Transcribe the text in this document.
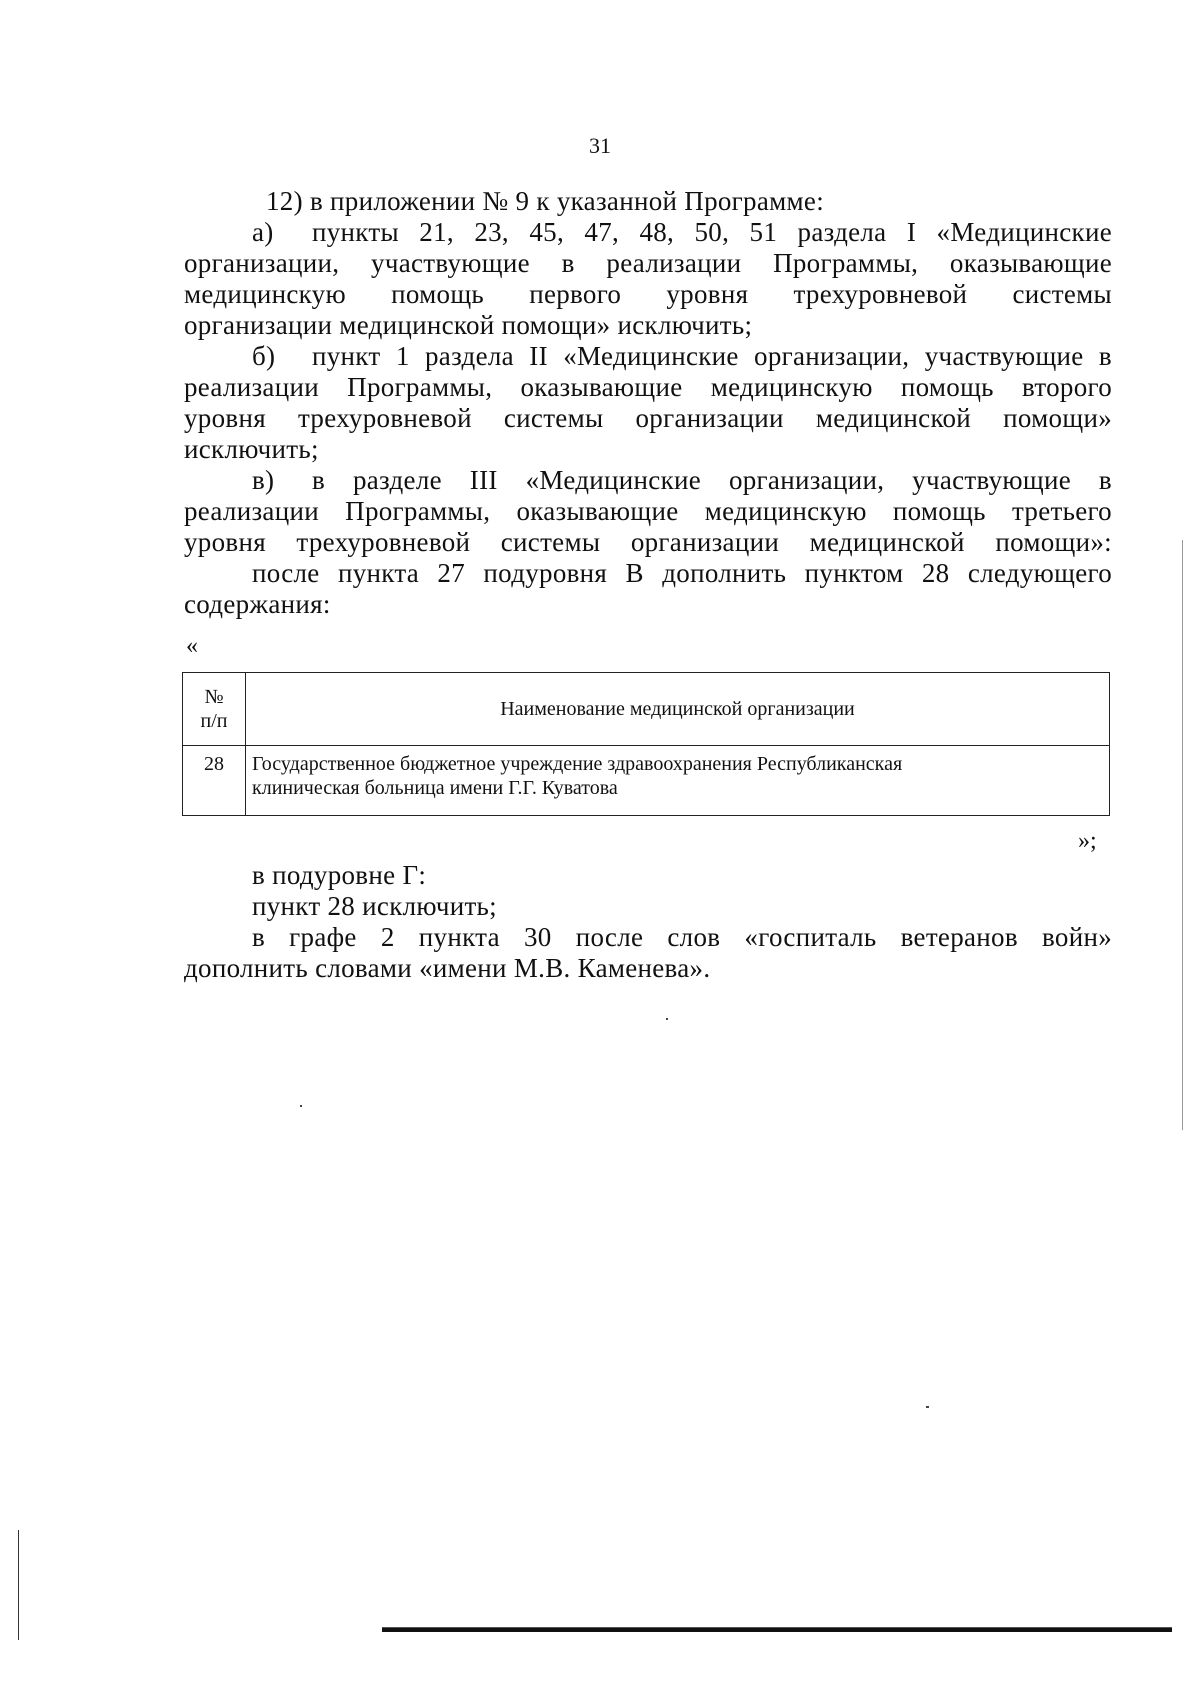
31
12) в приложении № 9 к указанной Программе:
а) пункты 21, 23, 45, 47, 48, 50, 51 раздела I «Медицинские
организации, участвующие в реализации Программы, оказывающие
медицинскую помощь первого уровня трехуровневой системы
организации медицинской помощи» исключить;
б) пункт 1 раздела II «Медицинские организации, участвующие в
реализации Программы, оказывающие медицинскую помощь второго
уровня трехуровневой системы организации медицинской помощи»
исключить;
в) в разделе III «Медицинские организации, участвующие в
реализации Программы, оказывающие медицинскую помощь третьего
уровня трехуровневой системы организации медицинской помощи»:
после пункта 27 подуровня В дополнить пунктом 28 следующего
содержания:
«
№
п/п	Наименование медицинской организации
28	Государственное бюджетное учреждение здравоохранения Республиканская
клиническая больница имени Г.Г. Куватова
»;
в подуровне Г:
пункт 28 исключить;
в графе 2 пункта 30 после слов «госпиталь ветеранов войн»
дополнить словами «имени М.В. Каменева».
